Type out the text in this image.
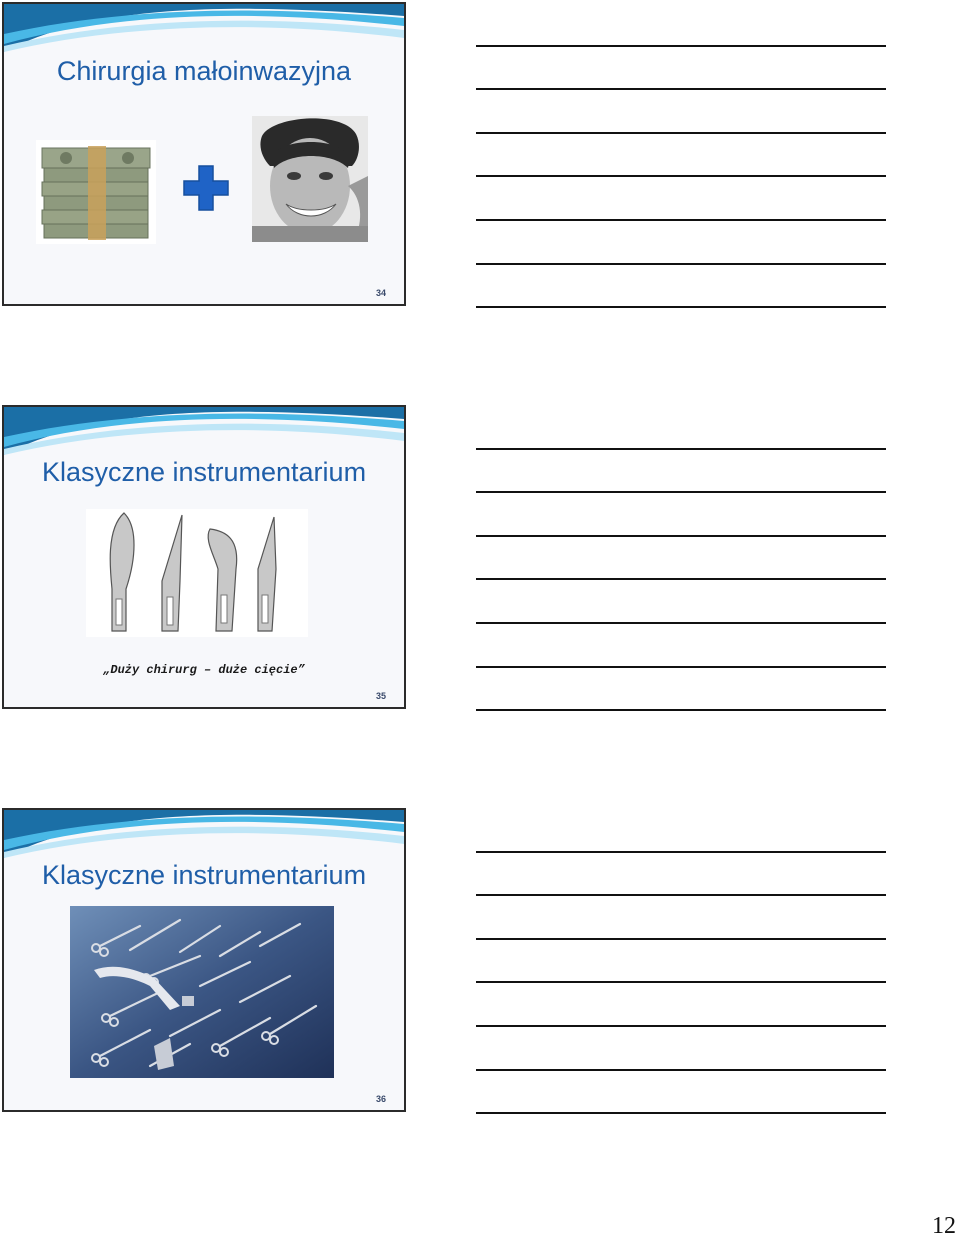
Chirurgia małoinwazyjna
34
Klasyczne instrumentarium
„Duży chirurg – duże cięcie”
35
Klasyczne instrumentarium
36
12
